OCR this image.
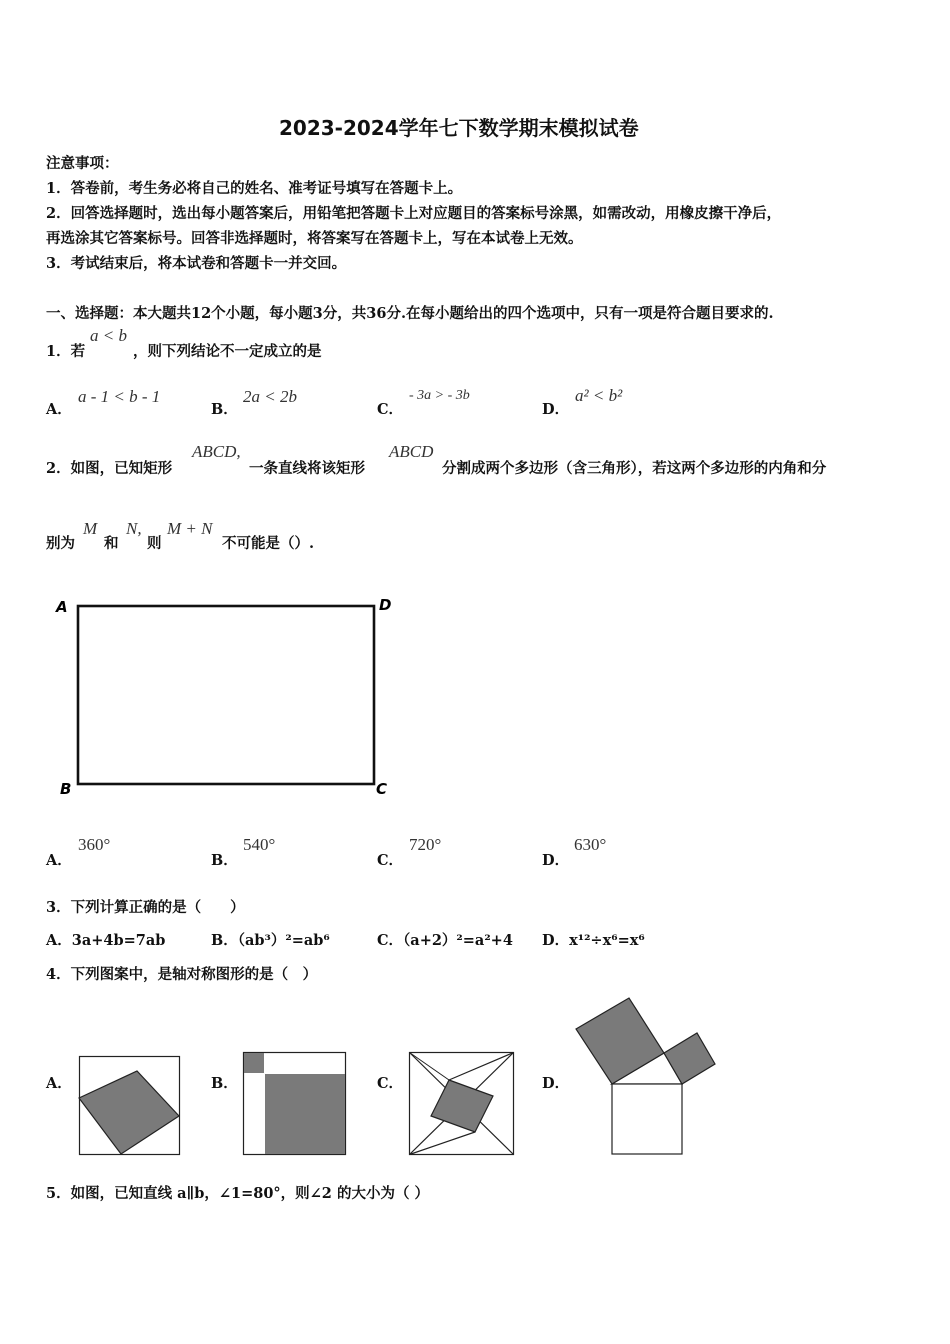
2023-2024学年七下数学期末模拟试卷
注意事项：
1．答卷前，考生务必将自己的姓名、准考证号填写在答题卡上。
2．回答选择题时，选出每小题答案后，用铅笔把答题卡上对应题目的答案标号涂黑，如需改动，用橡皮擦干净后，
再选涂其它答案标号。回答非选择题时，将答案写在答题卡上，写在本试卷上无效。
3．考试结束后，将本试卷和答题卡一并交回。
一、选择题：本大题共12个小题，每小题3分，共36分.在每小题给出的四个选项中，只有一项是符合题目要求的.
1．若
a < b
，则下列结论不一定成立的是
A．
a - 1 < b - 1
B．
2a < 2b
C．
- 3a > - 3b
D．
a² < b²
2．如图，已知矩形
ABCD,
一条直线将该矩形
ABCD
分割成两个多边形（含三角形），若这两个多边形的内角和分
别为
M
和
N,
则
M + N
不可能是（）.
A	D
B	C
A．
360°
B．
540°
C．
720°
D．
630°
3．下列计算正确的是（　　）
A．3a+4b=7ab	B．（ab³）²=ab⁶	C．（a+2）²=a²+4 D．x¹²÷x⁶=x⁶
4．下列图案中，是轴对称图形的是（　）
A．	B．	C．	D．
5．如图，已知直线 a∥b，∠1=80°，则∠2 的大小为（ ）
